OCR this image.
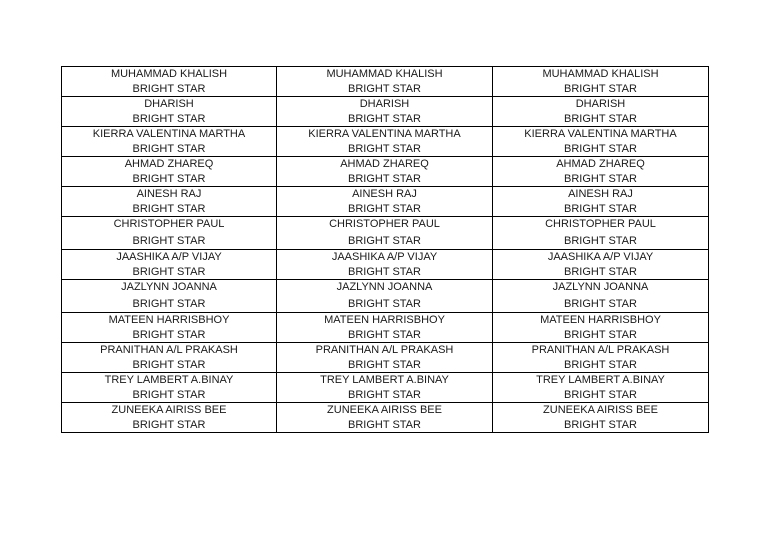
MUHAMMAD KHALISH
BRIGHT STAR	MUHAMMAD KHALISH
BRIGHT STAR	MUHAMMAD KHALISH
BRIGHT STAR

DHARISH
BRIGHT STAR	DHARISH
BRIGHT STAR	DHARISH
BRIGHT STAR

KIERRA VALENTINA MARTHA
BRIGHT STAR	KIERRA VALENTINA MARTHA
BRIGHT STAR	KIERRA VALENTINA MARTHA
BRIGHT STAR

AHMAD ZHAREQ
BRIGHT STAR	AHMAD ZHAREQ
BRIGHT STAR	AHMAD ZHAREQ
BRIGHT STAR

AINESH RAJ
BRIGHT STAR	AINESH RAJ
BRIGHT STAR	AINESH RAJ
BRIGHT STAR

CHRISTOPHER PAUL
BRIGHT STAR	CHRISTOPHER PAUL
BRIGHT STAR	CHRISTOPHER PAUL
BRIGHT STAR

JAASHIKA A/P VIJAY
BRIGHT STAR	JAASHIKA A/P VIJAY
BRIGHT STAR	JAASHIKA A/P VIJAY
BRIGHT STAR

JAZLYNN JOANNA
BRIGHT STAR	JAZLYNN JOANNA
BRIGHT STAR	JAZLYNN JOANNA
BRIGHT STAR

MATEEN HARRISBHOY
BRIGHT STAR	MATEEN HARRISBHOY
BRIGHT STAR	MATEEN HARRISBHOY
BRIGHT STAR

PRANITHAN A/L PRAKASH
BRIGHT STAR	PRANITHAN A/L PRAKASH
BRIGHT STAR	PRANITHAN A/L PRAKASH
BRIGHT STAR

TREY LAMBERT A.BINAY
BRIGHT STAR	TREY LAMBERT A.BINAY
BRIGHT STAR	TREY LAMBERT A.BINAY
BRIGHT STAR

ZUNEEKA AIRISS BEE
BRIGHT STAR	ZUNEEKA AIRISS BEE
BRIGHT STAR	ZUNEEKA AIRISS BEE
BRIGHT STAR
